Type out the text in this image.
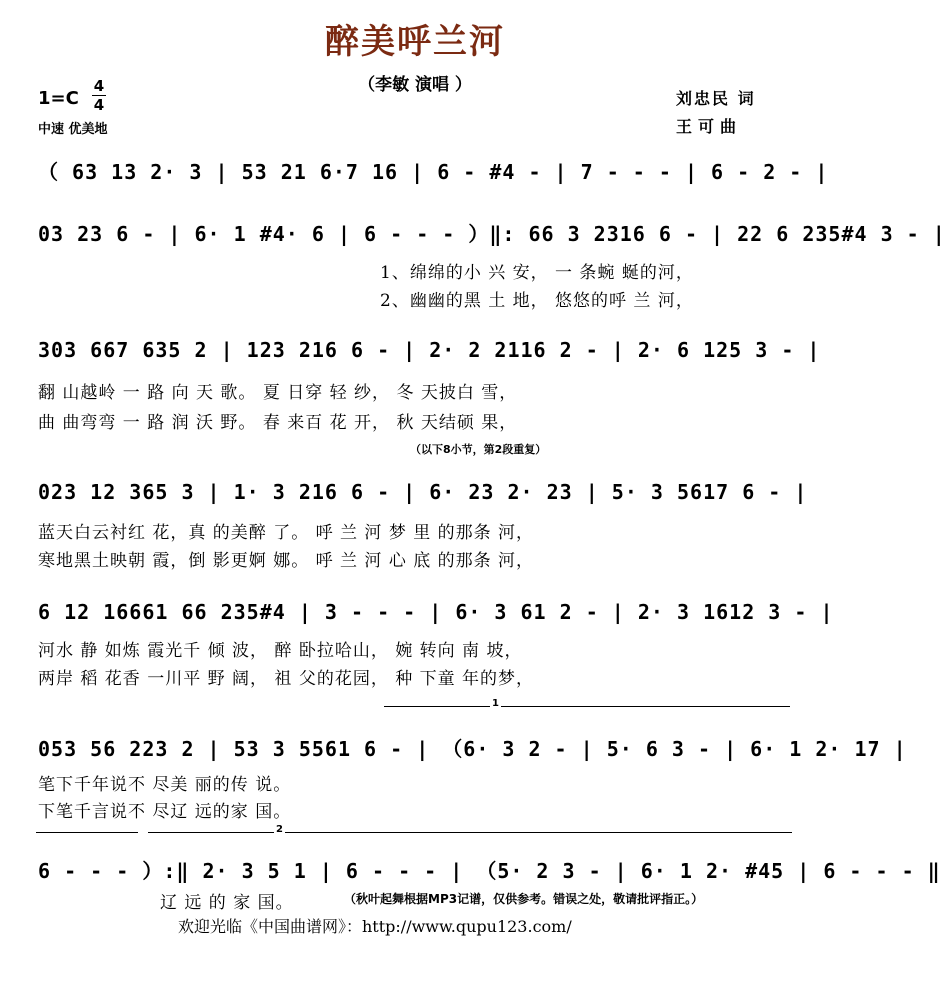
醉美呼兰河
（李敏 演唱 ）
1=C
4
4
中速 优美地
刘忠民 词
王可曲
（ 63 13 2· 3 | 53 21 6·7 16 | 6 - #4 - | 7 - - - | 6 - 2 - |
03 23 6 - | 6· 1 #4· 6 | 6 - - - ）‖: 66 3 2316 6 - | 22 6 235#4 3 - |
1、绵绵的小 兴 安， 一 条蜿 蜒的河，
2、幽幽的黑 土 地， 悠悠的呼 兰 河，
303 667 635 2 | 123 216 6 - | 2· 2 2116 2 - | 2· 6 125 3 - |
翻 山越岭 一 路 向 天 歌。 夏 日穿 轻 纱， 冬 天披白 雪，
曲 曲弯弯 一 路 润 沃 野。 春 来百 花 开， 秋 天结硕 果，
（以下8小节，第2段重复）
023 12 365 3 | 1· 3 216 6 - | 6· 23 2· 23 | 5· 3 5617 6 - |
蓝天白云衬红 花，真 的美醉 了。 呼 兰 河 梦 里 的那条 河，
寒地黑土映朝 霞，倒 影更婀 娜。 呼 兰 河 心 底 的那条 河，
6 12 16661 66 235#4 | 3 - - - | 6· 3 61 2 - | 2· 3 1612 3 - |
河水 静 如炼 霞光千 倾 波， 醉 卧拉哈山， 婉 转向 南 坡，
两岸 稻 花香 一川平 野 阔， 祖 父的花园， 种 下童 年的梦，
1
053 56 223 2 | 53 3 5561 6 - | （6· 3 2 - | 5· 6 3 - | 6· 1 2· 17 |
笔下千年说不 尽美 丽的传 说。
下笔千言说不 尽辽 远的家 国。
2
6 - - - ）:‖ 2· 3 5 1 | 6 - - - | （5· 2 3 - | 6· 1 2· #45 | 6 - - - ‖
辽 远 的 家 国。	（秋叶起舞根据MP3记谱，仅供参考。错误之处，敬请批评指正。）
欢迎光临《中国曲谱网》：http://www.qupu123.com/
